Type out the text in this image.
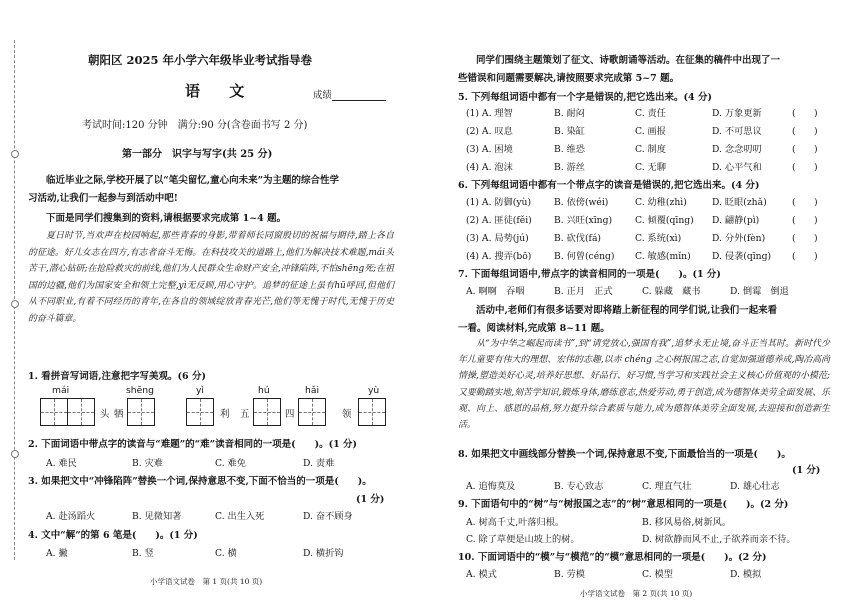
朝阳区 2025 年小学六年级毕业考试指导卷
语 文	成绩
考试时间:120 分钟　满分:90 分(含卷面书写 2 分)
第一部分　识字与写字(共 25 分)
临近毕业之际,学校开展了以“笔尖留忆,童心向未来”为主题的综合性学
习活动,让我们一起参与到活动中吧!
下面是同学们搜集到的资料,请根据要求完成第 1~4 题。
夏日时节,当欢声在校园响起,那些青春的身影,带着师长同窗殷切的祝福与期待,踏上各自的征途。好儿女志在四方,有志者奋斗无悔。在科技攻关的道路上,他们为解决技术难题,mái头苦干,潜心钻研;在抢险救灾的前线,他们为人民群众生命财产安全,冲锋陷阵,不怕shēng死;在祖国的边疆,他们为国家安全和领土完整,yì无反顾,用心守护。追梦的征途上虽有hū呼回,但他们从不同职业,有着不同经历的青年,在各自的领域绽放青春光芒,他们等无愧于时代,无愧于历史的奋斗篇章。
1. 看拼音写词语,注意把字写美观。(6 分)
mái	shēng	yì	hú	hǎi	yù
头 牺	利 五	四	领
2. 下面词语中带点字的读音与“难题”的“难”读音相同的一项是(　　)。(1 分)
A. 难民	B. 灾难	C. 难免	D. 责难
3. 如果把文中“冲锋陷阵”替换一个词,保持意思不变,下面不恰当的一项是(　　)。
(1 分)
A. 赴汤蹈火	B. 见微知著	C. 出生入死	D. 奋不顾身
4. 文中“解”的第 6 笔是(　　)。(1 分)
A. 撇	B. 竖	C. 横	D. 横折钩
小学语文试卷　第 1 页(共 10 页)
同学们围绕主题策划了征文、诗歌朗诵等活动。在征集的稿件中出现了一
些错误和问题需要解决,请按照要求完成第 5~7 题。
5. 下列每组词语中都有一个字是错误的,把它选出来。(4 分)
(1) A. 理智	B. 耐闷	C. 责任	D. 万象更新	(　　)
(2) A. 叹息	B. 染缸	C. 画报	D. 不可思议	(　　)
(3) A. 困境	B. 维恐	C. 制度	D. 念念叨叨	(　　)
(4) A. 泡沫	B. 游丝	C. 无聊	D. 心平气和	(　　)
6. 下列每组词语中都有一个带点字的读音是错误的,把它选出来。(4 分)
(1) A. 防御(yù) B. 依傍(wéi)	C. 幼稚(zhì)	D. 眨眼(zhǎ)	(　　)
(2) A. 匪徒(fěi) B. 兴旺(xīng) C. 倾覆(qīng) D. 翩静(pì)	(　　)
(3) A. 局势(jú)	B. 砍伐(fá)	C. 系统(xì)	D. 分外(fèn)	(　　)
(4) A. 搜弄(bō) B. 何曾(céng) C. 敏感(mǐn) D. 侵袭(qīng) (　　)
7. 下面每组词语中,带点字的读音相同的一项是(　　)。(1 分)
A. 啊啊　吞咽	B. 正月　正式	C. 躲藏　藏书	D. 倒霉　倒退
活动中,老师们有很多话要对即将踏上新征程的同学们说,让我们一起来看
一看。阅读材料,完成第 8~11 题。
从“为中华之崛起而读书”,到“请党放心,强国有我”,追梦永无止境,奋斗正当其时。新时代少年儿童要有伟大的理想、宏伟的志趣,以赤 chéng 之心树报国之志,自觉加强道德养成,陶冶高尚情操,塑造美好心灵,培养好思想、好品行、好习惯,当学习和实践社会主义核心价值观的小模范;又要勤踏实地,刻苦学知识,锻炼身体,磨练意志,热爱劳动,勇于创造,成为德智体美劳全面发展、乐观、向上、感恩的品格,努力提升综合素质与能力,成为德智体美劳全面发展,去迎接和创造新生活。
8. 如果把文中画线部分替换一个词,保持意思不变,下面最恰当的一项是(　　)。
(1 分)
A. 追悔莫及	B. 专心致志	C. 理直气壮	D. 雄心壮志
9. 下面语句中的“树”与“树报国之志”的“树”意思相同的一项是(　　)。(2 分)
A. 树高千丈,叶落归根。	B. 移风易俗,树新风。
C. 除了草便是山坡上的树。	D. 树欲静而风不止,子欲养而亲不待。
10. 下面词语中的“模”与“模范”的“模”意思相同的一项是(　　)。(2 分)
A. 模式	B. 劳模	C. 模型	D. 模拟
小学语文试卷　第 2 页(共 10 页)
